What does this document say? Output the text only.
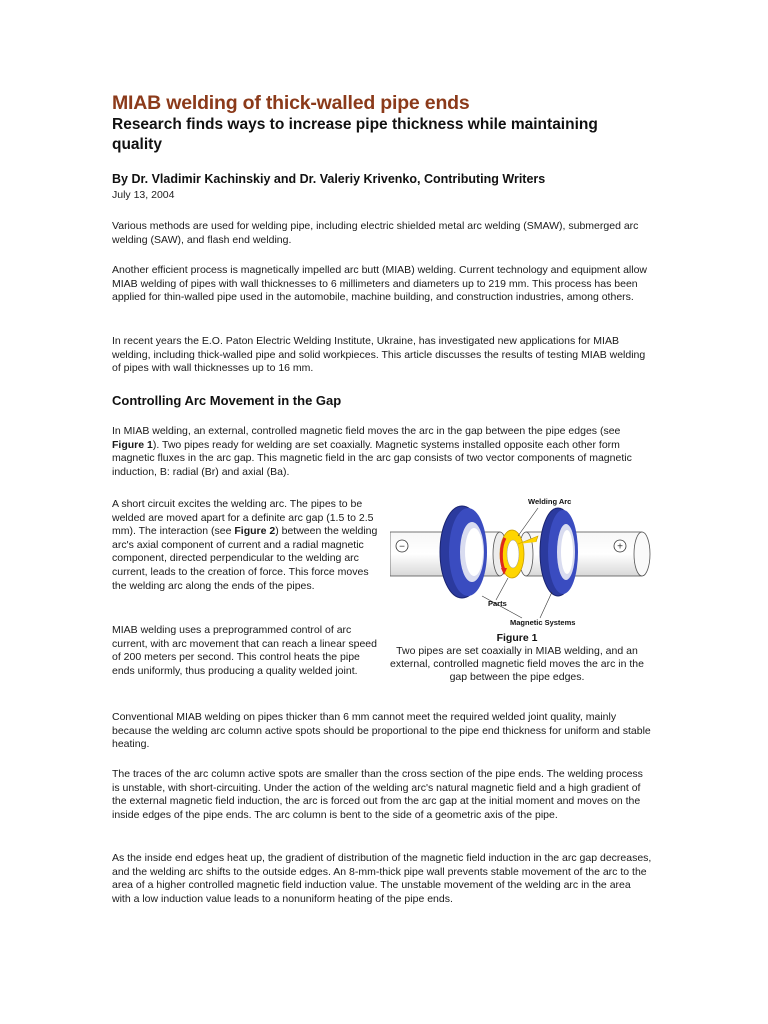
MIAB welding of thick-walled pipe ends
Research finds ways to increase pipe thickness while maintaining quality
By Dr. Vladimir Kachinskiy and Dr. Valeriy Krivenko, Contributing Writers
July 13, 2004

Various methods are used for welding pipe, including electric shielded metal arc welding (SMAW), submerged arc welding (SAW), and flash end welding.

Another efficient process is magnetically impelled arc butt (MIAB) welding. Current technology and equipment allow MIAB welding of pipes with wall thicknesses to 6 millimeters and diameters up to 219 mm. This process has been applied for thin-walled pipe used in the automobile, machine building, and construction industries, among others.

In recent years the E.O. Paton Electric Welding Institute, Ukraine, has investigated new applications for MIAB welding, including thick-walled pipe and solid workpieces. This article discusses the results of testing MIAB welding of pipes with wall thicknesses up to 16 mm.

Controlling Arc Movement in the Gap

In MIAB welding, an external, controlled magnetic field moves the arc in the gap between the pipe edges (see Figure 1). Two pipes ready for welding are set coaxially. Magnetic systems installed opposite each other form magnetic fluxes in the arc gap. This magnetic field in the arc gap consists of two vector components of magnetic induction, B: radial (Br) and axial (Ba).

A short circuit excites the welding arc. The pipes to be welded are moved apart for a definite arc gap (1.5 to 2.5 mm). The interaction (see Figure 2) between the welding arc's axial component of current and a radial magnetic component, directed perpendicular to the welding arc current, leads to the creation of force. This force moves the welding arc along the ends of the pipes.

MIAB welding uses a preprogrammed control of arc current, with arc movement that can reach a linear speed of 200 meters per second. This control heats the pipe ends uniformly, thus producing a quality welded joint.

−	+
Welding Arc
Parts
Magnetic Systems
Figure 1
Two pipes are set coaxially in MIAB welding, and an external, controlled magnetic field moves the arc in the gap between the pipe edges.

Conventional MIAB welding on pipes thicker than 6 mm cannot meet the required welded joint quality, mainly because the welding arc column active spots should be proportional to the pipe end thickness for uniform and stable heating.

The traces of the arc column active spots are smaller than the cross section of the pipe ends. The welding process is unstable, with short-circuiting. Under the action of the welding arc's natural magnetic field and a high gradient of the external magnetic field induction, the arc is forced out from the arc gap at the initial moment and moves on the inside edges of the pipe ends. The arc column is bent to the side of a geometric axis of the pipe.

As the inside end edges heat up, the gradient of distribution of the magnetic field induction in the arc gap decreases, and the welding arc shifts to the outside edges. An 8-mm-thick pipe wall prevents stable movement of the arc to the area of a higher controlled magnetic field induction value. The unstable movement of the welding arc in the area with a low induction value leads to a nonuniform heating of the pipe ends.
